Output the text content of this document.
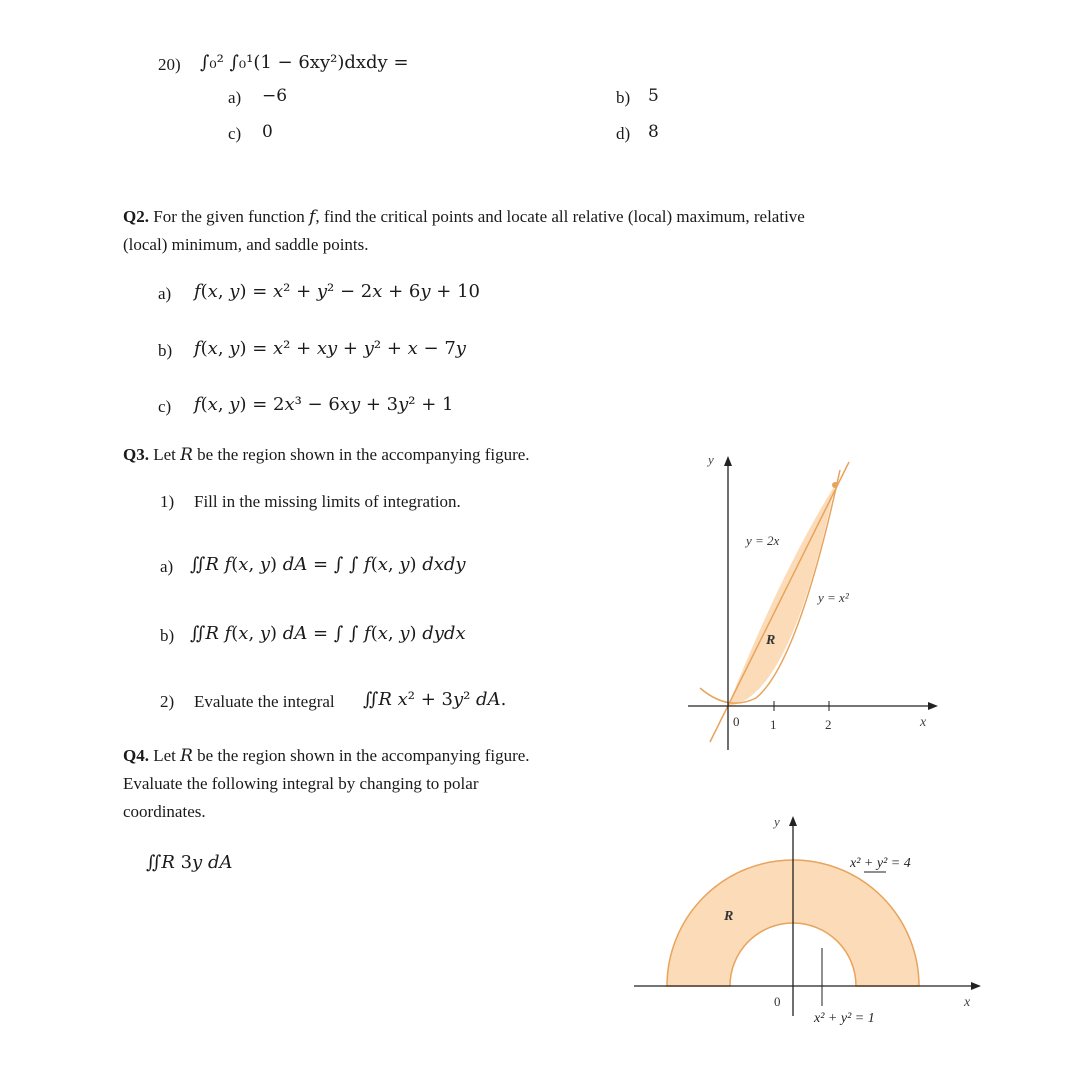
20) ∫₀² ∫₀¹(1 − 6xy²)dxdy =
a) −6	b) 5
c) 0	d) 8
Q2. For the given function 𝑓, find the critical points and locate all relative (local) maximum, relative
(local) minimum, and saddle points.
a) 𝑓(𝑥, 𝑦) = 𝑥² + 𝑦² − 2𝑥 + 6𝑦 + 10
b) 𝑓(𝑥, 𝑦) = 𝑥² + 𝑥𝑦 + 𝑦² + 𝑥 − 7𝑦
c) 𝑓(𝑥, 𝑦) = 2𝑥³ − 6𝑥𝑦 + 3𝑦² + 1
Q3. Let 𝑅 be the region shown in the accompanying figure.
1) Fill in the missing limits of integration.
a) ∬𝑅 𝑓(𝑥, 𝑦) 𝑑𝐴 = ∫ ∫ 𝑓(𝑥, 𝑦) 𝑑𝑥𝑑𝑦
b) ∬𝑅 𝑓(𝑥, 𝑦) 𝑑𝐴 = ∫ ∫ 𝑓(𝑥, 𝑦) 𝑑𝑦𝑑𝑥
2) Evaluate the integral ∬𝑅 𝑥² + 3𝑦² 𝑑𝐴.
y
x
0 1	2
y = 2x
y = x²
R
Q4. Let 𝑅 be the region shown in the accompanying figure.
Evaluate the following integral by changing to polar
coordinates.
∬𝑅 3𝑦 𝑑𝐴
y
x
0
x² + y² = 4
x² + y² = 1
R
